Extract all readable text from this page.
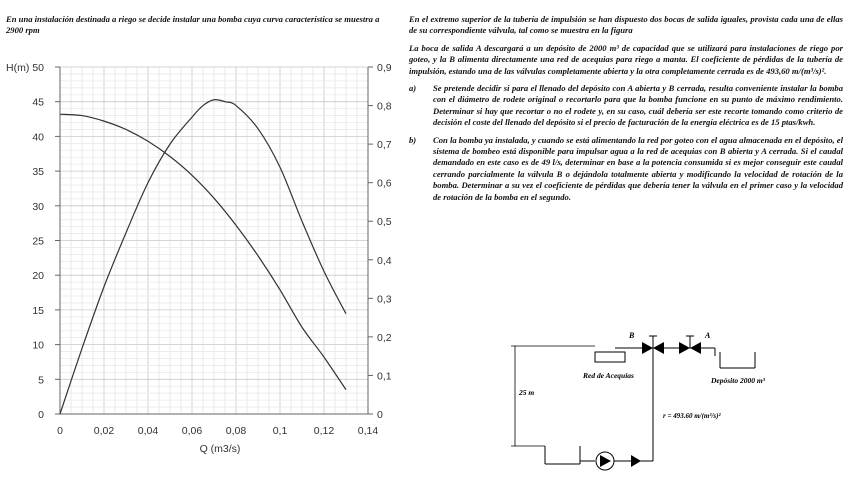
En una instalación destinada a riego se decide instalar una bomba cuya curva característica se muestra a 2900 rpm
0	0,02 0,04 0,06 0,08	0,1	0,12 0,14
0
5
10
15
20
25
30
35
40
45
50
0
0,1
0,2
0,3
0,4
0,5
0,6
0,7
0,8
0,9
H(m)
Q (m3/s)

En el extremo superior de la tubería de impulsión se han dispuesto dos bocas de salida iguales, provista cada una de ellas de su correspondiente válvula, tal como se muestra en la figura

La boca de salida A descargará a un depósito de 2000 m³ de capacidad que se utilizará para instalaciones de riego por goteo, y la B alimenta directamente una red de acequias para riego a manta. El coeficiente de pérdidas de la tubería de impulsión, estando una de las válvulas completamente abierta y la otra completamente cerrada es de 493,60 m/(m³/s)².

a)	Se pretende decidir si para el llenado del depósito con A abierta y B cerrada, resulta conveniente instalar la bomba con el diámetro de rodete original o recortarlo para que la bomba funcione en su punto de máximo rendimiento. Determinar si hay que recortar o no el rodete y, en su caso, cuál debería ser este recorte tomando como criterio de decisión el coste del llenado del depósito si el precio de facturación de la energía eléctrica es de 15 ptas/kwh.
b)	Con la bomba ya instalada, y cuando se está alimentando la red por goteo con el agua almacenada en el depósito, el sistema de bombeo está disponible para impulsar agua a la red de acequias con B abierta y A cerrada. Si el caudal demandado en este caso es de 49 l/s, determinar en base a la potencia consumida si es mejor conseguir este caudal cerrando parcialmente la válvula B o dejándola totalmente abierta y modificando la velocidad de rotación de la bomba. Determinar a su vez el coeficiente de pérdidas que debería tener la válvula en el primer caso y la velocidad de rotación de la bomba en el segundo.
B	A
Red de Acequias
Depósito 2000 m³
25 m
r = 493.60 m/(m³/s)²
